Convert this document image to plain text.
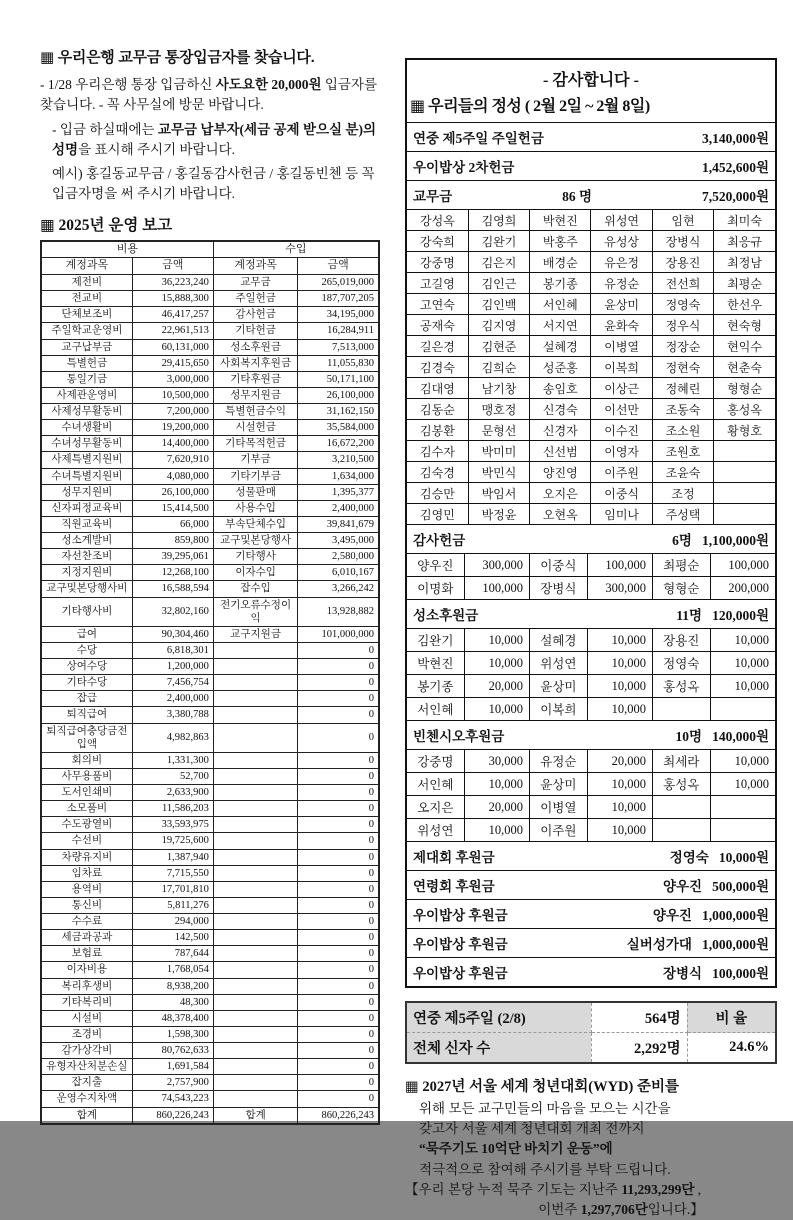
▦ 우리은행 교무금 통장입금자를 찾습니다.

- 1/28 우리은행 통장 입금하신 사도요한 20,000원 입금자를 찾습니다. - 꼭 사무실에 방문 바랍니다.

- 입금 하실때에는 교무금 납부자(세금 공제 받으실 분)의 성명을 표시해 주시기 바랍니다.

예시) 홍길동교무금 / 홍길동감사헌금 / 홍길동빈첸 등 꼭 입금자명을 써 주시기 바랍니다.

▦ 2025년 운영 보고
비용		수입	
계정과목	금액	계정과목	금액
제전비	36,223,240	교무금	265,019,000
전교비	15,888,300	주일헌금	187,707,205
단체보조비	46,417,257	감사헌금	34,195,000
주일학교운영비	22,961,513	기타헌금	16,284,911
교구납부금	60,131,000	성소후원금	7,513,000
특별헌금	29,415,650	사회복지후원금	11,055,830
통일기금	3,000,000	기타후원금	50,171,100
사제관운영비	10,500,000	성무지원금	26,100,000
사제성무활동비	7,200,000	특별헌금수익	31,162,150
수녀생활비	19,200,000	시설헌금	35,584,000
수녀성무활동비	14,400,000	기타목적헌금	16,672,200
사제특별지원비	7,620,910	기부금	3,210,500
수녀특별지원비	4,080,000	기타기부금	1,634,000
성무지원비	26,100,000	성물판매	1,395,377
신자피정교육비	15,414,500	사용수입	2,400,000
직원교육비	66,000	부속단체수입	39,841,679
성소계발비	859,800	교구및본당행사	3,495,000
자선찬조비	39,295,061	기타행사	2,580,000
지정지원비	12,268,100	이자수입	6,010,167
교구및본당행사비	16,588,594	잡수입	3,266,242
기타행사비	32,802,160	전기오류수정이익	13,928,882
급여	90,304,460	교구지원금	101,000,000
수당	6,818,301		0
상여수당	1,200,000		0
기타수당	7,456,754		0
잡급	2,400,000		0
퇴직급여	3,380,788		0
퇴직급여충당금전입액	4,982,863		0
회의비	1,331,300		0
사무용품비	52,700		0
도서인쇄비	2,633,900		0
소모품비	11,586,203		0
수도광열비	33,593,975		0
수선비	19,725,600		0
차량유지비	1,387,940		0
임차료	7,715,550		0
용역비	17,701,810		0
통신비	5,811,276		0
수수료	294,000		0
세금과공과	142,500		0
보험료	787,644		0
이자비용	1,768,054		0
복리후생비	8,938,200		0
기타복리비	48,300		0
시설비	48,378,400		0
조경비	1,598,300		0
감가상각비	80,762,633		0
유형자산처분손실	1,691,584		0
잡지출	2,757,900		0
운영수지차액	74,543,223		0
합계	860,226,243	합계	860,226,243
- 감사합니다 -
▦ 우리들의 정성 ( 2월 2일 ~ 2월 8일)
연중 제5주일 주일헌금	3,140,000원
우이밥상 2차헌금	1,452,600원
교무금	86 명	7,520,000원
강성옥	김영희	박현진	위성연	임현	최미숙
강숙희	김완기	박홍주	유성상	장병식	최응규
강중명	김은지	배경순	유은정	장용진	최정남
고길영	김인근	봉기종	유정순	전선희	최평순
고연숙	김인백	서인혜	윤상미	정영숙	한선우
공재숙	김지영	서지연	윤화숙	정우식	현숙형
길은경	김현준	설혜경	이병열	정장순	현익수
김경숙	김희순	성준홍	이복희	정현숙	현춘숙
김대영	남기창	송임호	이상근	정혜린	형형순
김동순	맹호정	신경숙	이선만	조동숙	홍성옥
김봉환	문형선	신경자	이수진	조소원	황형호
김수자	박미미	신선범	이영자	조원호	
김숙경	박민식	양진영	이주원	조윤숙	
김승만	박임서	오지은	이중식	조정	
김영민	박정윤	오현옥	임미나	주성택	
감사헌금	6명 1,100,000원
양우진	300,000	이중식	100,000	최평순	100,000
이명화	100,000	장병식	300,000	형형순	200,000
성소후원금	11명 120,000원
김완기	10,000	설혜경	10,000	장용진	10,000
박현진	10,000	위성연	10,000	정영숙	10,000
봉기종	20,000	윤상미	10,000	홍성옥	10,000
서인혜	10,000	이복희	10,000		
빈첸시오후원금	10명 140,000원
강중명	30,000	유정순	20,000	최세라	10,000
서인혜	10,000	윤상미	10,000	홍성옥	10,000
오지은	20,000	이병열	10,000		
위성연	10,000	이주원	10,000		
제대회 후원금	정영숙 10,000원
연령회 후원금	양우진 500,000원
우이밥상 후원금	양우진 1,000,000원
우이밥상 후원금	실버성가대 1,000,000원
우이밥상 후원금	장병식 100,000원
연중 제5주일 (2/8)	564명	비 율
전체 신자 수	2,292명	24.6%

▦ 2027년 서울 세계 청년대회(WYD) 준비를

위해 모든 교구민들의 마음을 모으는 시간을

갖고자 서울 세계 청년대회 개최 전까지

“묵주기도 10억단 바치기 운동”에

적극적으로 참여해 주시기를 부탁 드립니다.

【우리 본당 누적 묵주 기도는 지난주 11,293,299단 ,

이번주 1,297,706단입니다.】
